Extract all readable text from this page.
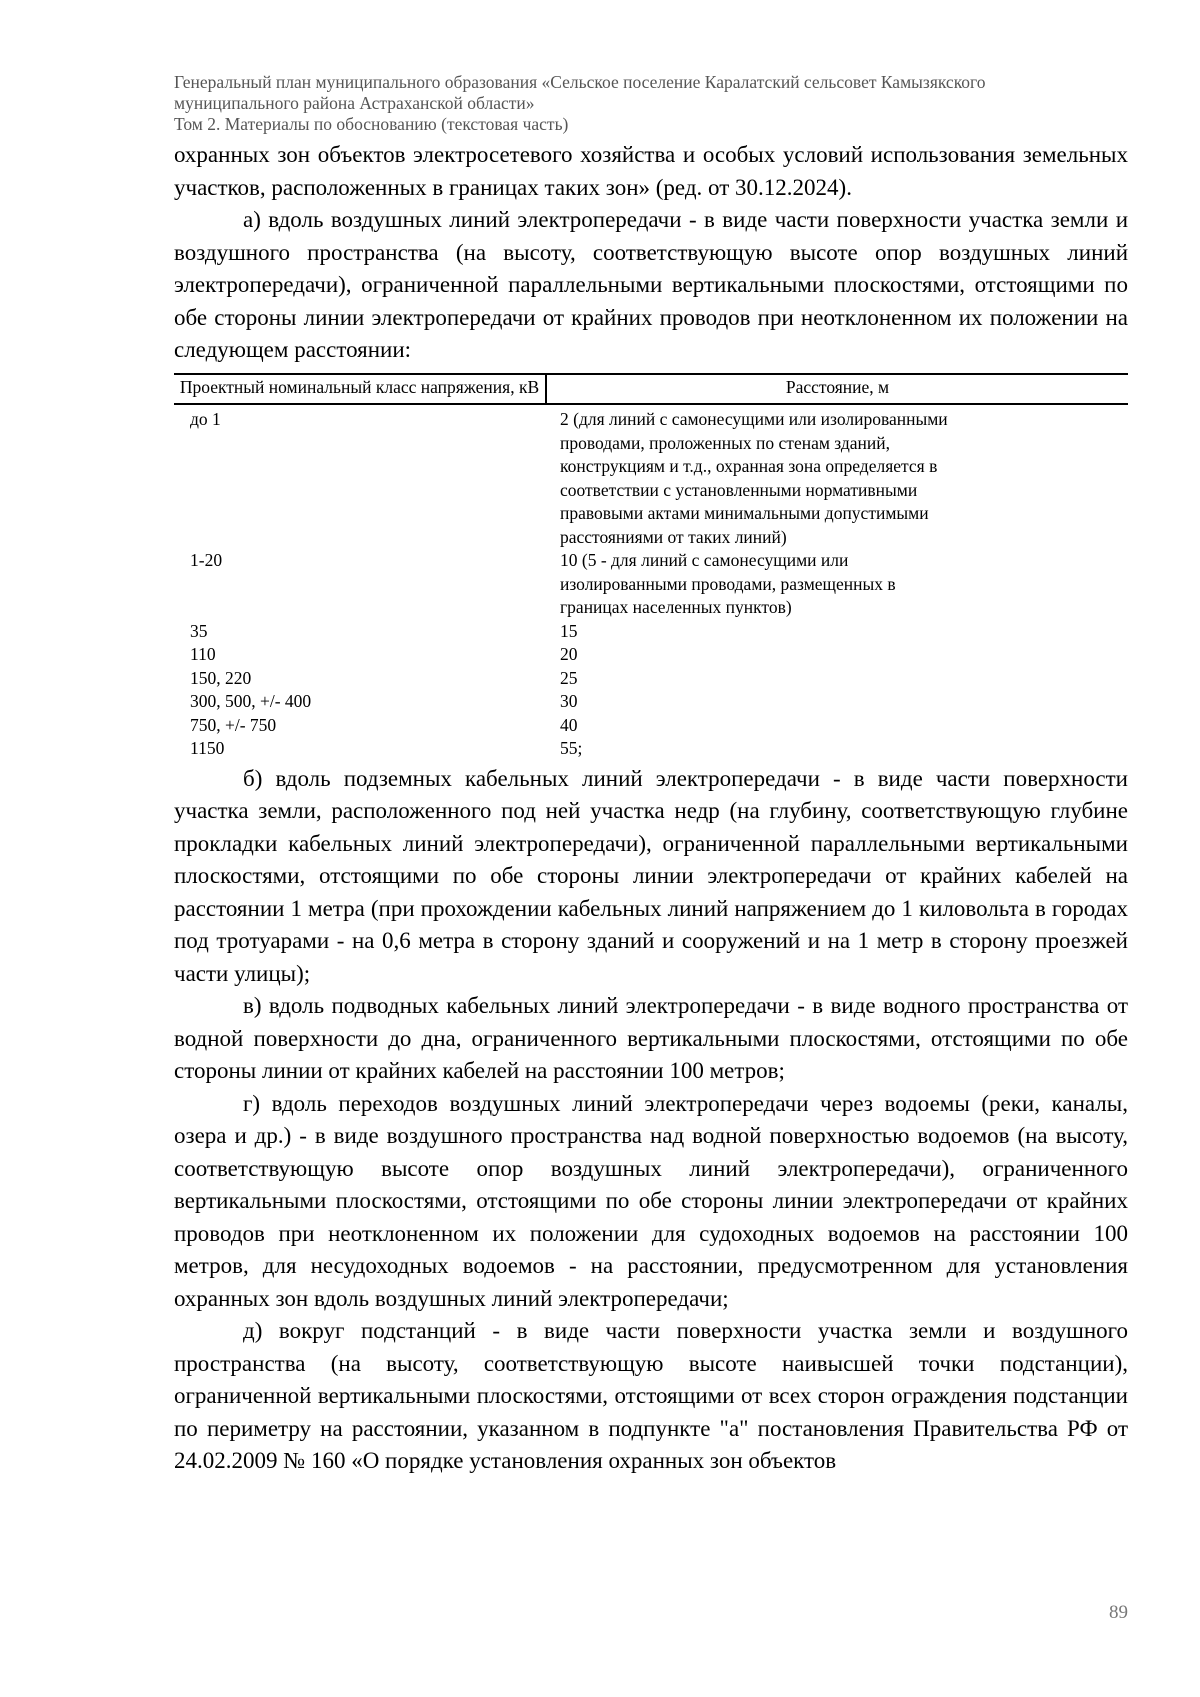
Генеральный план муниципального образования «Сельское поселение Каралатский сельсовет Камызякского
муниципального района Астраханской области»
Том 2. Материалы по обоснованию (текстовая часть)

охранных зон объектов электросетевого хозяйства и особых условий использования земельных участков, расположенных в границах таких зон» (ред. от 30.12.2024).

а) вдоль воздушных линий электропередачи - в виде части поверхности участка земли и воздушного пространства (на высоту, соответствующую высоте опор воздушных линий электропередачи), ограниченной параллельными вертикальными плоскостями, отстоящими по обе стороны линии электропередачи от крайних проводов при неотклоненном их положении на следующем расстоянии:

Проектный номинальный класс напряжения, кВ	Расстояние, м
до 1	2 (для линий с самонесущими или изолированными проводами, проложенных по стенам зданий, конструкциям и т.д., охранная зона определяется в соответствии с установленными нормативными правовыми актами минимальными допустимыми расстояниями от таких линий)

1-20	10 (5 - для линий с самонесущими или изолированными проводами, размещенных в границах населенных пунктов)

35	15

110	20

150, 220	25

300, 500, +/- 400	30

750, +/- 750	40

1150	55;

б) вдоль подземных кабельных линий электропередачи - в виде части поверхности участка земли, расположенного под ней участка недр (на глубину, соответствующую глубине прокладки кабельных линий электропередачи), ограниченной параллельными вертикальными плоскостями, отстоящими по обе стороны линии электропередачи от крайних кабелей на расстоянии 1 метра (при прохождении кабельных линий напряжением до 1 киловольта в городах под тротуарами - на 0,6 метра в сторону зданий и сооружений и на 1 метр в сторону проезжей части улицы);

в) вдоль подводных кабельных линий электропередачи - в виде водного пространства от водной поверхности до дна, ограниченного вертикальными плоскостями, отстоящими по обе стороны линии от крайних кабелей на расстоянии 100 метров;

г) вдоль переходов воздушных линий электропередачи через водоемы (реки, каналы, озера и др.) - в виде воздушного пространства над водной поверхностью водоемов (на высоту, соответствующую высоте опор воздушных линий электропередачи), ограниченного вертикальными плоскостями, отстоящими по обе стороны линии электропередачи от крайних проводов при неотклоненном их положении для судоходных водоемов на расстоянии 100 метров, для несудоходных водоемов - на расстоянии, предусмотренном для установления охранных зон вдоль воздушных линий электропередачи;

д) вокруг подстанций - в виде части поверхности участка земли и воздушного пространства (на высоту, соответствующую высоте наивысшей точки подстанции), ограниченной вертикальными плоскостями, отстоящими от всех сторон ограждения подстанции по периметру на расстоянии, указанном в подпункте "а" постановления Правительства РФ от 24.02.2009 № 160 «О порядке установления охранных зон объектов

89
